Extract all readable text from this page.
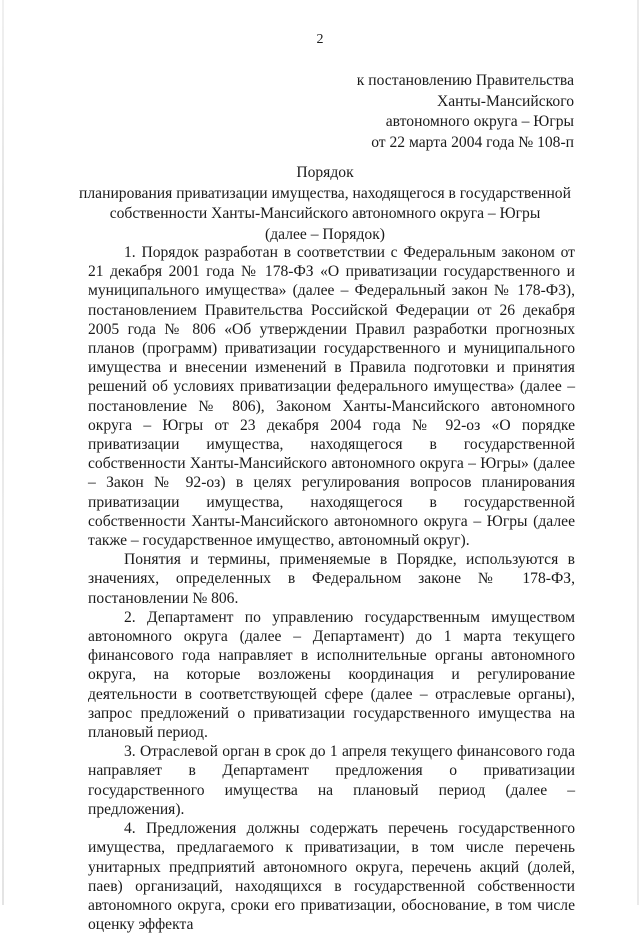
2
к постановлению Правительства
Ханты-Мансийского
автономного округа – Югры
от 22 марта 2004 года № 108-п
Порядок
планирования приватизации имущества, находящегося в государственной
собственности Ханты-Мансийского автономного округа – Югры
(далее – Порядок)

1. Порядок разработан в соответствии с Федеральным законом от 21 декабря 2001 года № 178-ФЗ «О приватизации государственного и муниципального имущества» (далее – Федеральный закон № 178-ФЗ), постановлением Правительства Российской Федерации от 26 декабря 2005 года № 806 «Об утверждении Правил разработки прогнозных планов (программ) приватизации государственного и муниципального имущества и внесении изменений в Правила подготовки и принятия решений об условиях приватизации федерального имущества» (далее – постановление № 806), Законом Ханты-Мансийского автономного округа – Югры от 23 декабря 2004 года № 92-оз «О порядке приватизации имущества, находящегося в государственной собственности Ханты-Мансийского автономного округа – Югры» (далее – Закон № 92-оз) в целях регулирования вопросов планирования приватизации имущества, находящегося в государственной собственности Ханты-Мансийского автономного округа – Югры (далее также – государственное имущество, автономный округ).

Понятия и термины, применяемые в Порядке, используются в значениях, определенных в Федеральном законе № 178-ФЗ, постановлении № 806.

2. Департамент по управлению государственным имуществом автономного округа (далее – Департамент) до 1 марта текущего финансового года направляет в исполнительные органы автономного округа, на которые возложены координация и регулирование деятельности в соответствующей сфере (далее – отраслевые органы), запрос предложений о приватизации государственного имущества на плановый период.

3. Отраслевой орган в срок до 1 апреля текущего финансового года направляет в Департамент предложения о приватизации государственного имущества на плановый период (далее – предложения).

4. Предложения должны содержать перечень государственного имущества, предлагаемого к приватизации, в том числе перечень унитарных предприятий автономного округа, перечень акций (долей, паев) организаций, находящихся в государственной собственности автономного округа, сроки его приватизации, обоснование, в том числе оценку эффекта
